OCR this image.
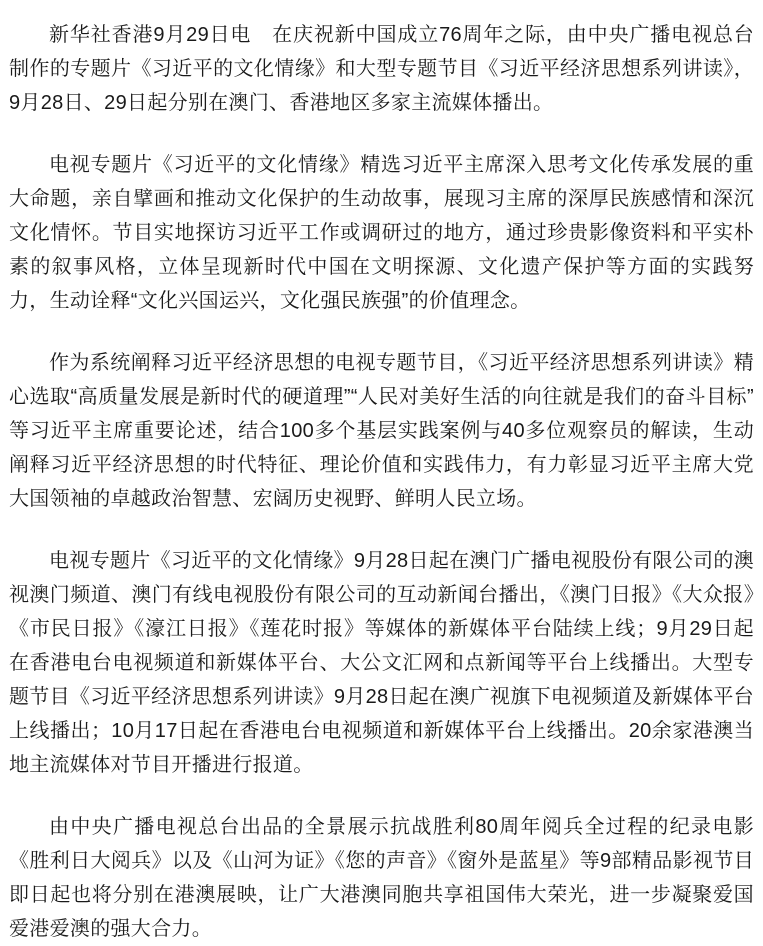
新华社香港9月29日电　在庆祝新中国成立76周年之际，由中央广播电视总台制作的专题片《习近平的文化情缘》和大型专题节目《习近平经济思想系列讲读》，9月28日、29日起分别在澳门、香港地区多家主流媒体播出。

电视专题片《习近平的文化情缘》精选习近平主席深入思考文化传承发展的重大命题，亲自擘画和推动文化保护的生动故事，展现习主席的深厚民族感情和深沉文化情怀。节目实地探访习近平工作或调研过的地方，通过珍贵影像资料和平实朴素的叙事风格，立体呈现新时代中国在文明探源、文化遗产保护等方面的实践努力，生动诠释“文化兴国运兴，文化强民族强”的价值理念。

作为系统阐释习近平经济思想的电视专题节目，《习近平经济思想系列讲读》精心选取“高质量发展是新时代的硬道理”“人民对美好生活的向往就是我们的奋斗目标”等习近平主席重要论述，结合100多个基层实践案例与40多位观察员的解读，生动阐释习近平经济思想的时代特征、理论价值和实践伟力，有力彰显习近平主席大党大国领袖的卓越政治智慧、宏阔历史视野、鲜明人民立场。

电视专题片《习近平的文化情缘》9月28日起在澳门广播电视股份有限公司的澳视澳门频道、澳门有线电视股份有限公司的互动新闻台播出，《澳门日报》《大众报》《市民日报》《濠江日报》《莲花时报》等媒体的新媒体平台陆续上线；9月29日起在香港电台电视频道和新媒体平台、大公文汇网和点新闻等平台上线播出。大型专题节目《习近平经济思想系列讲读》9月28日起在澳广视旗下电视频道及新媒体平台上线播出；10月17日起在香港电台电视频道和新媒体平台上线播出。20余家港澳当地主流媒体对节目开播进行报道。

由中央广播电视总台出品的全景展示抗战胜利80周年阅兵全过程的纪录电影《胜利日大阅兵》以及《山河为证》《您的声音》《窗外是蓝星》等9部精品影视节目即日起也将分别在港澳展映，让广大港澳同胞共享祖国伟大荣光，进一步凝聚爱国爱港爱澳的强大合力。
